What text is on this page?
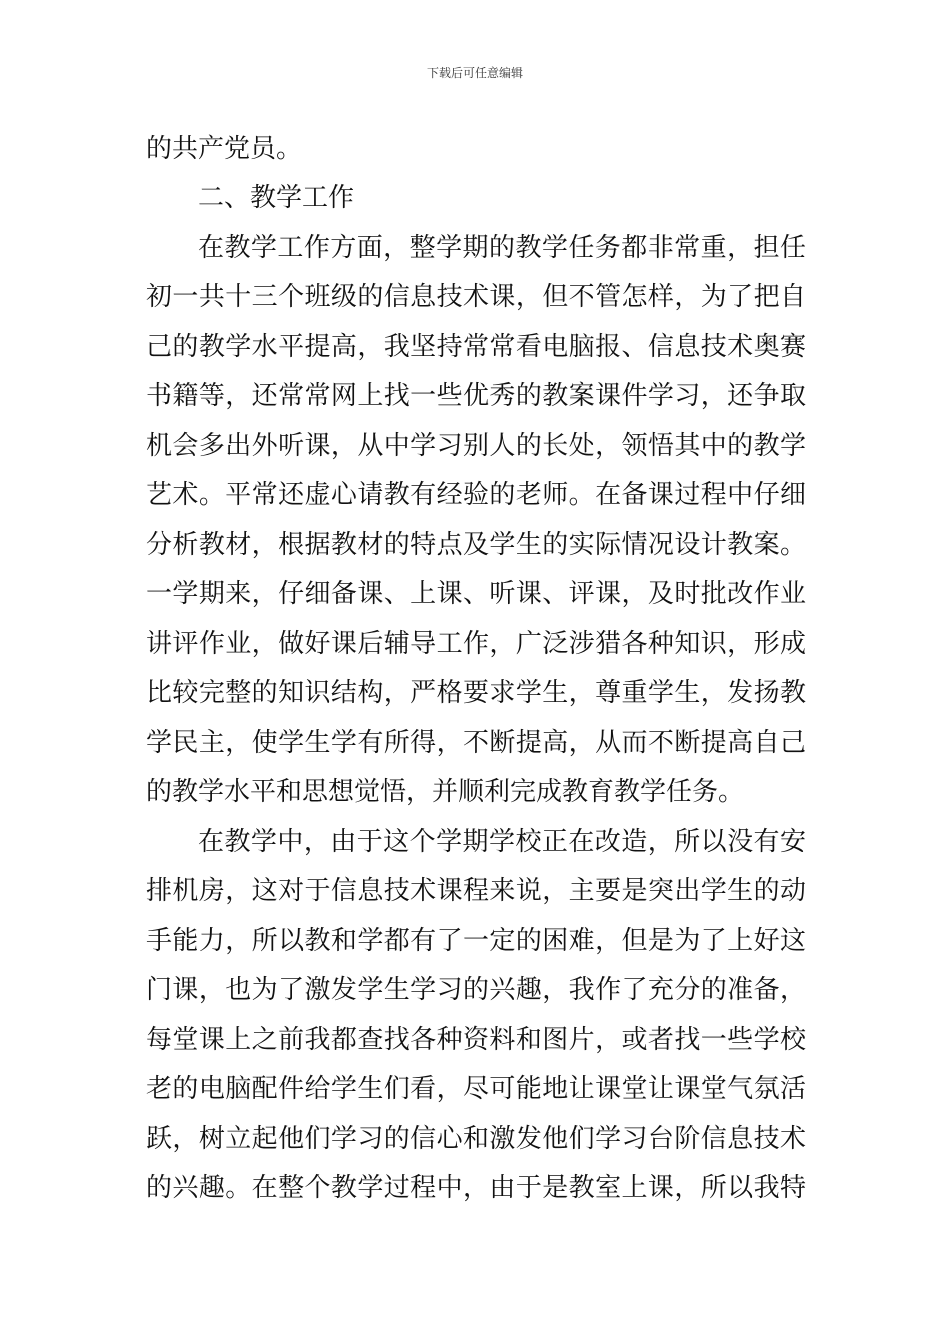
下载后可任意编辑
的共产党员。
二、教学工作
在教学工作方面，整学期的教学任务都非常重，担任
初一共十三个班级的信息技术课，但不管怎样，为了把自
己的教学水平提高，我坚持常常看电脑报、信息技术奥赛
书籍等，还常常网上找一些优秀的教案课件学习，还争取
机会多出外听课，从中学习别人的长处，领悟其中的教学
艺术。平常还虚心请教有经验的老师。在备课过程中仔细
分析教材，根据教材的特点及学生的实际情况设计教案。
一学期来，仔细备课、上课、听课、评课，及时批改作业
讲评作业，做好课后辅导工作，广泛涉猎各种知识，形成
比较完整的知识结构，严格要求学生，尊重学生，发扬教
学民主，使学生学有所得，不断提高，从而不断提高自己
的教学水平和思想觉悟，并顺利完成教育教学任务。
在教学中，由于这个学期学校正在改造，所以没有安
排机房，这对于信息技术课程来说，主要是突出学生的动
手能力，所以教和学都有了一定的困难，但是为了上好这
门课，也为了激发学生学习的兴趣，我作了充分的准备，
每堂课上之前我都查找各种资料和图片，或者找一些学校
老的电脑配件给学生们看，尽可能地让课堂让课堂气氛活
跃，树立起他们学习的信心和激发他们学习台阶信息技术
的兴趣。在整个教学过程中，由于是教室上课，所以我特
